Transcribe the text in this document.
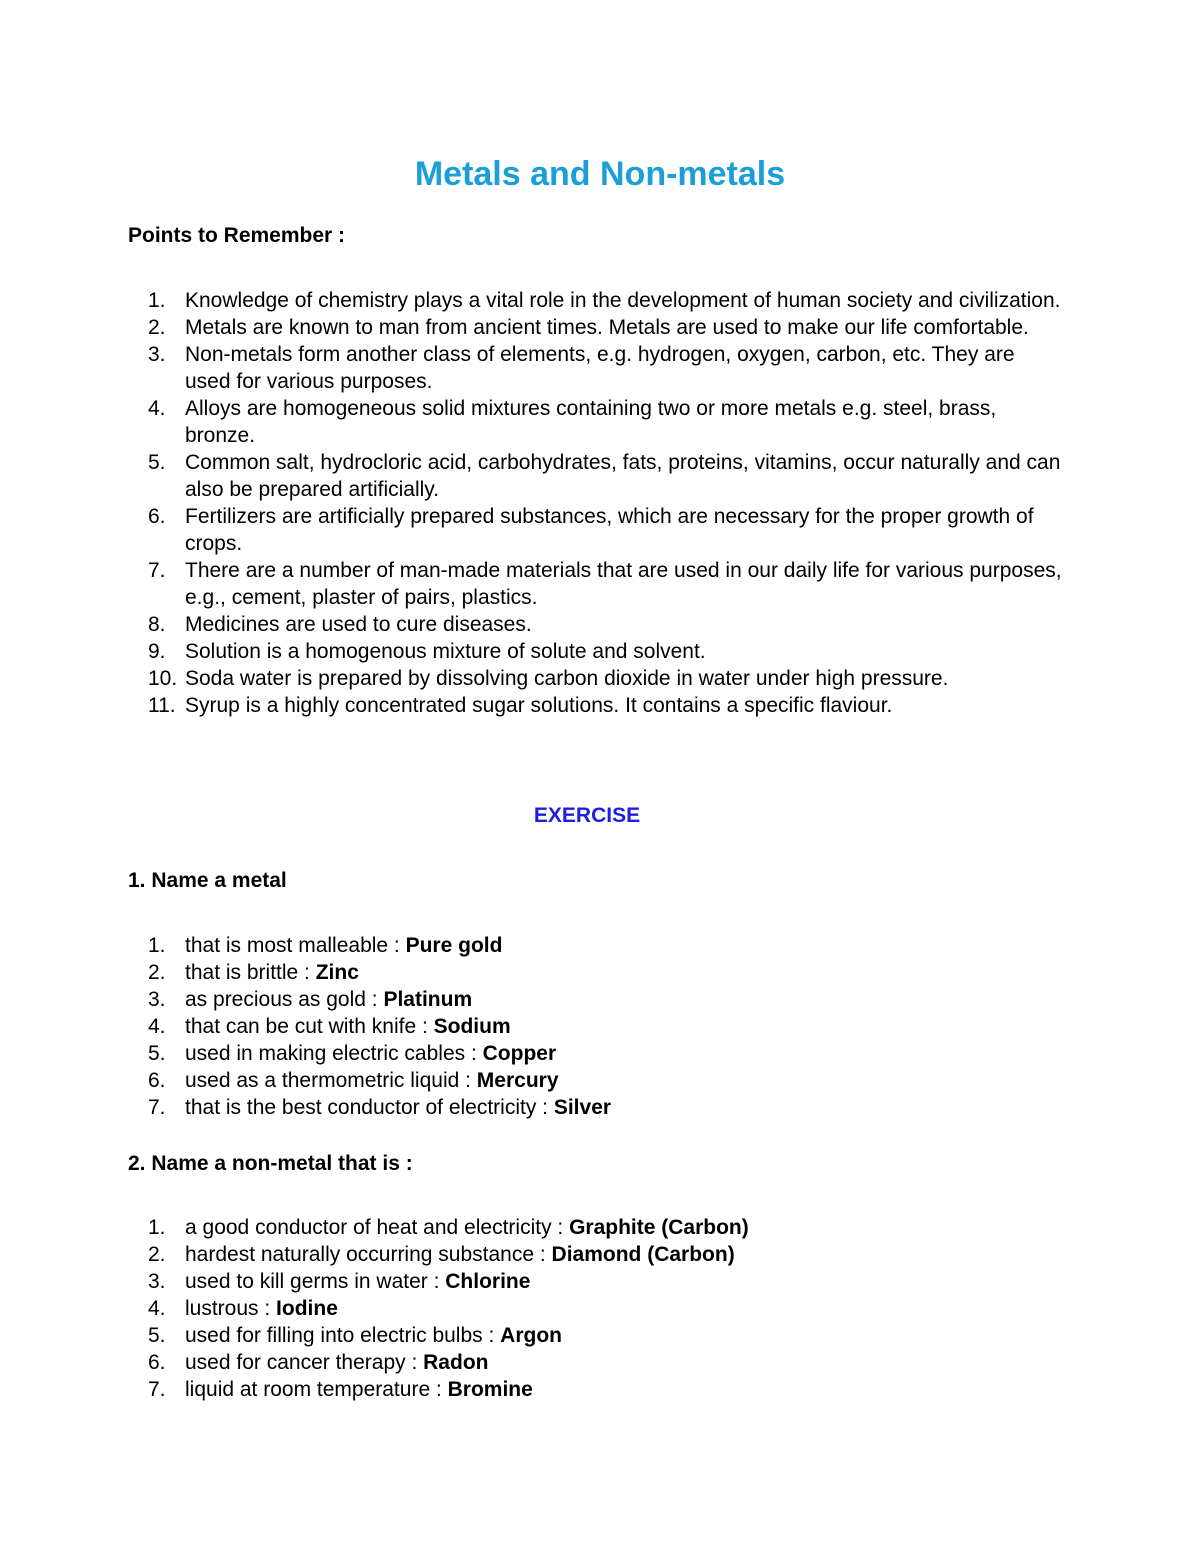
Metals and Non-metals

Points to Remember :

1. Knowledge of chemistry plays a vital role in the development of human society and civilization.
2. Metals are known to man from ancient times. Metals are used to make our life comfortable.
3. Non-metals form another class of elements, e.g. hydrogen, oxygen, carbon, etc. They are used for various purposes.
4. Alloys are homogeneous solid mixtures containing two or more metals e.g. steel, brass, bronze.
5. Common salt, hydrocloric acid, carbohydrates, fats, proteins, vitamins, occur naturally and can also be prepared artificially.
6. Fertilizers are artificially prepared substances, which are necessary for the proper growth of crops.
7. There are a number of man-made materials that are used in our daily life for various purposes, e.g., cement, plaster of pairs, plastics.
8. Medicines are used to cure diseases.
9. Solution is a homogenous mixture of solute and solvent.
10. Soda water is prepared by dissolving carbon dioxide in water under high pressure.
11. Syrup is a highly concentrated sugar solutions. It contains a specific flaviour.

EXERCISE

1. Name a metal

1. that is most malleable : Pure gold
2. that is brittle : Zinc
3. as precious as gold : Platinum
4. that can be cut with knife : Sodium
5. used in making electric cables : Copper
6. used as a thermometric liquid : Mercury
7. that is the best conductor of electricity : Silver

2. Name a non-metal that is :

1. a good conductor of heat and electricity : Graphite (Carbon)
2. hardest naturally occurring substance : Diamond (Carbon)
3. used to kill germs in water : Chlorine
4. lustrous : Iodine
5. used for filling into electric bulbs : Argon
6. used for cancer therapy : Radon
7. liquid at room temperature : Bromine
